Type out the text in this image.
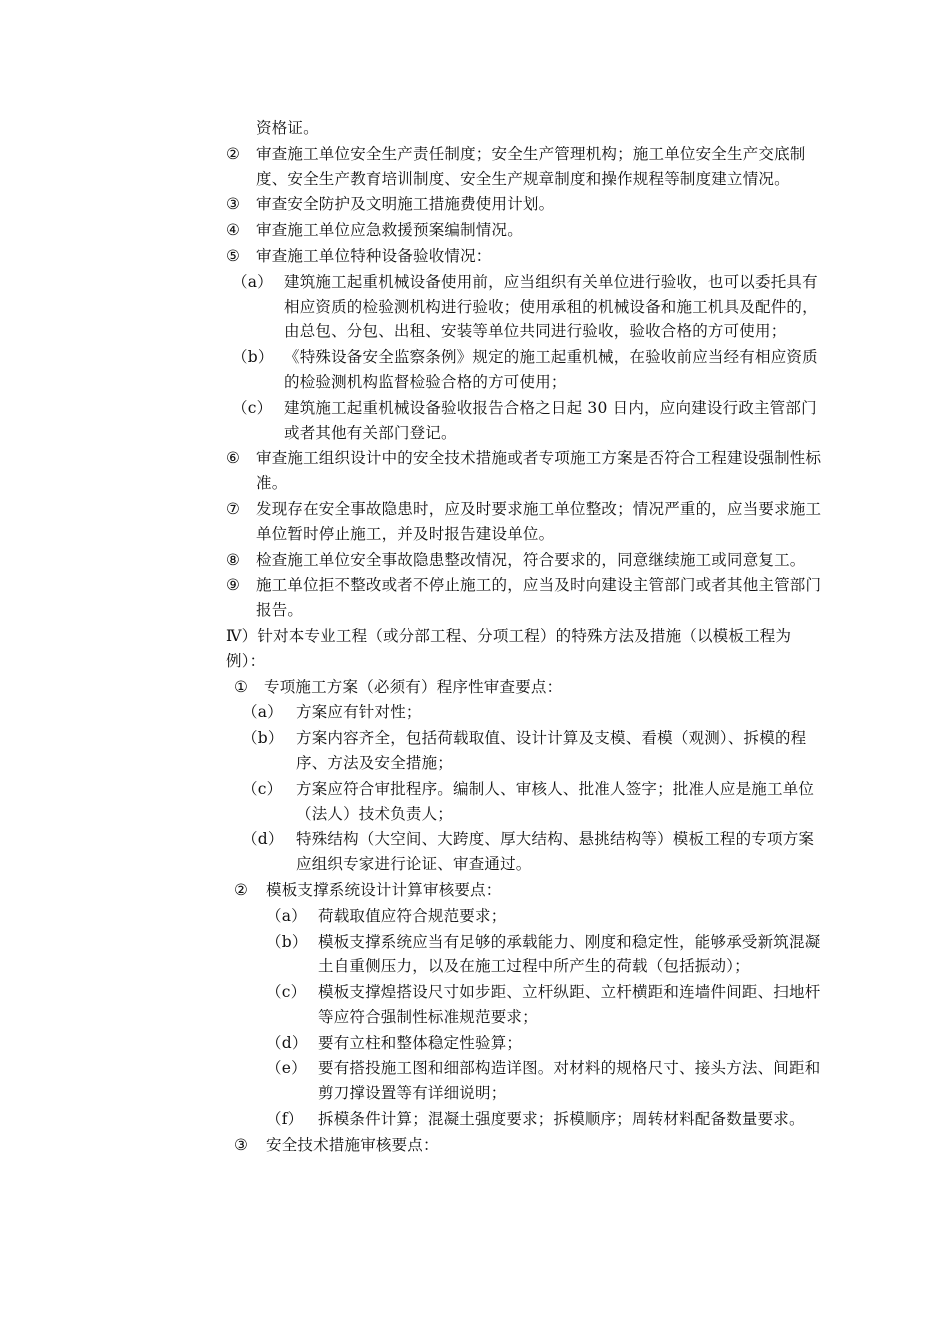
资格证。
②	审查施工单位安全生产责任制度；安全生产管理机构；施工单位安全生产交底制度、安全生产教育培训制度、安全生产规章制度和操作规程等制度建立情况。
③	审查安全防护及文明施工措施费使用计划。
④	审查施工单位应急救援预案编制情况。
⑤	审查施工单位特种设备验收情况：
（a） 建筑施工起重机械设备使用前，应当组织有关单位进行验收，也可以委托具有相应资质的检验测机构进行验收；使用承租的机械设备和施工机具及配件的，由总包、分包、出租、安装等单位共同进行验收，验收合格的方可使用；
（b） 《特殊设备安全监察条例》规定的施工起重机械，在验收前应当经有相应资质的检验测机构监督检验合格的方可使用；
（c） 建筑施工起重机械设备验收报告合格之日起 30 日内，应向建设行政主管部门或者其他有关部门登记。
⑥	审查施工组织设计中的安全技术措施或者专项施工方案是否符合工程建设强制性标准。
⑦	发现存在安全事故隐患时，应及时要求施工单位整改；情况严重的，应当要求施工单位暂时停止施工，并及时报告建设单位。
⑧	检查施工单位安全事故隐患整改情况，符合要求的，同意继续施工或同意复工。
⑨	施工单位拒不整改或者不停止施工的，应当及时向建设主管部门或者其他主管部门报告。
Ⅳ）针对本专业工程（或分部工程、分项工程）的特殊方法及措施（以模板工程为例）：
①	专项施工方案（必须有）程序性审查要点：
（a） 方案应有针对性；
（b） 方案内容齐全，包括荷载取值、设计计算及支模、看模（观测）、拆模的程序、方法及安全措施；
（c） 方案应符合审批程序。编制人、审核人、批准人签字；批准人应是施工单位（法人）技术负责人；
（d） 特殊结构（大空间、大跨度、厚大结构、悬挑结构等）模板工程的专项方案应组织专家进行论证、审查通过。
②	模板支撑系统设计计算审核要点：
（a） 荷载取值应符合规范要求；
（b） 模板支撑系统应当有足够的承载能力、刚度和稳定性，能够承受新筑混凝土自重侧压力，以及在施工过程中所产生的荷载（包括振动）；
（c） 模板支撑煌搭设尺寸如步距、立杆纵距、立杆横距和连墙件间距、扫地杆等应符合强制性标准规范要求；
（d） 要有立柱和整体稳定性验算；
（e） 要有搭投施工图和细部构造详图。对材料的规格尺寸、接头方法、间距和剪刀撑设置等有详细说明；
（f） 拆模条件计算；混凝土强度要求；拆模顺序；周转材料配备数量要求。
③	安全技术措施审核要点：
